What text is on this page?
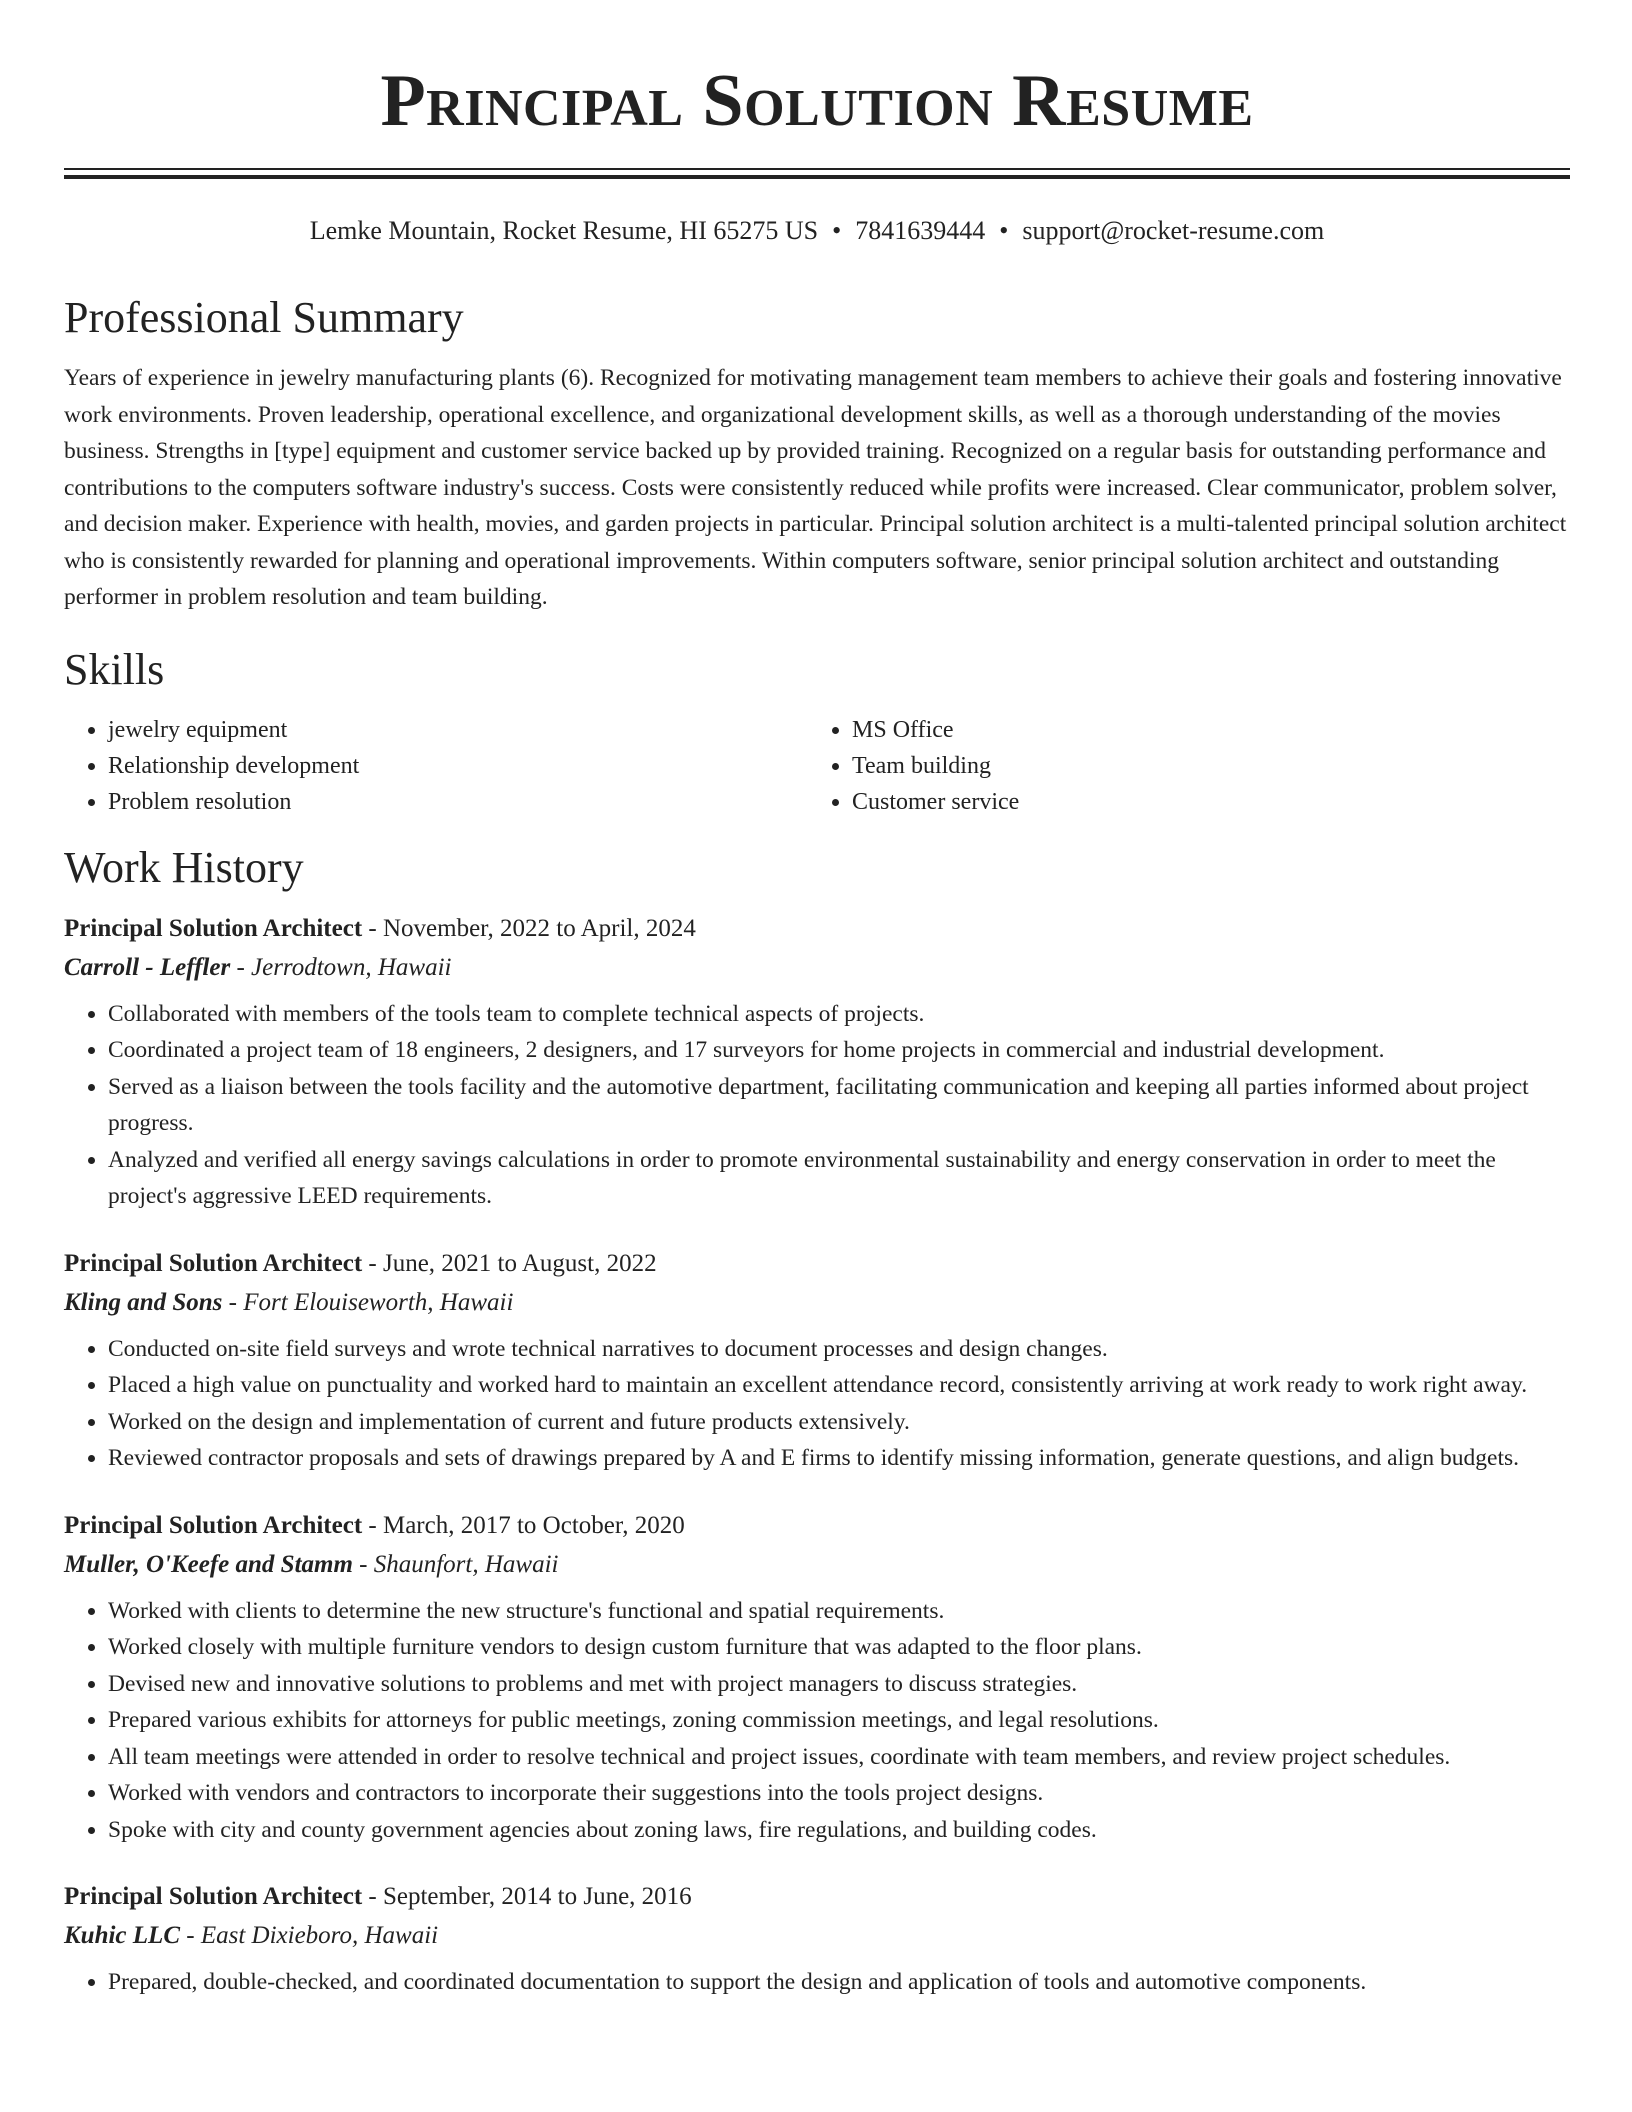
Principal Solution Resume
Lemke Mountain, Rocket Resume, HI 65275 US • 7841639444 • support@rocket-resume.com
Professional Summary

Years of experience in jewelry manufacturing plants (6). Recognized for motivating management team members to achieve their goals and fostering innovative work environments. Proven leadership, operational excellence, and organizational development skills, as well as a thorough understanding of the movies business. Strengths in [type] equipment and customer service backed up by provided training. Recognized on a regular basis for outstanding performance and contributions to the computers software industry's success. Costs were consistently reduced while profits were increased. Clear communicator, problem solver, and decision maker. Experience with health, movies, and garden projects in particular. Principal solution architect is a multi-talented principal solution architect who is consistently rewarded for planning and operational improvements. Within computers software, senior principal solution architect and outstanding performer in problem resolution and team building.

Skills
• jewelry equipment
• Relationship development
• Problem resolution
• MS Office
• Team building
• Customer service
Work History
Principal Solution Architect - November, 2022 to April, 2024
Carroll - Leffler - Jerrodtown, Hawaii
• Collaborated with members of the tools team to complete technical aspects of projects.
• Coordinated a project team of 18 engineers, 2 designers, and 17 surveyors for home projects in commercial and industrial development.
• Served as a liaison between the tools facility and the automotive department, facilitating communication and keeping all parties informed about project progress.
• Analyzed and verified all energy savings calculations in order to promote environmental sustainability and energy conservation in order to meet the project's aggressive LEED requirements.
Principal Solution Architect - June, 2021 to August, 2022
Kling and Sons - Fort Elouiseworth, Hawaii
• Conducted on-site field surveys and wrote technical narratives to document processes and design changes.
• Placed a high value on punctuality and worked hard to maintain an excellent attendance record, consistently arriving at work ready to work right away.
• Worked on the design and implementation of current and future products extensively.
• Reviewed contractor proposals and sets of drawings prepared by A and E firms to identify missing information, generate questions, and align budgets.
Principal Solution Architect - March, 2017 to October, 2020
Muller, O'Keefe and Stamm - Shaunfort, Hawaii
• Worked with clients to determine the new structure's functional and spatial requirements.
• Worked closely with multiple furniture vendors to design custom furniture that was adapted to the floor plans.
• Devised new and innovative solutions to problems and met with project managers to discuss strategies.
• Prepared various exhibits for attorneys for public meetings, zoning commission meetings, and legal resolutions.
• All team meetings were attended in order to resolve technical and project issues, coordinate with team members, and review project schedules.
• Worked with vendors and contractors to incorporate their suggestions into the tools project designs.
• Spoke with city and county government agencies about zoning laws, fire regulations, and building codes.
Principal Solution Architect - September, 2014 to June, 2016
Kuhic LLC - East Dixieboro, Hawaii
• Prepared, double-checked, and coordinated documentation to support the design and application of tools and automotive components.
